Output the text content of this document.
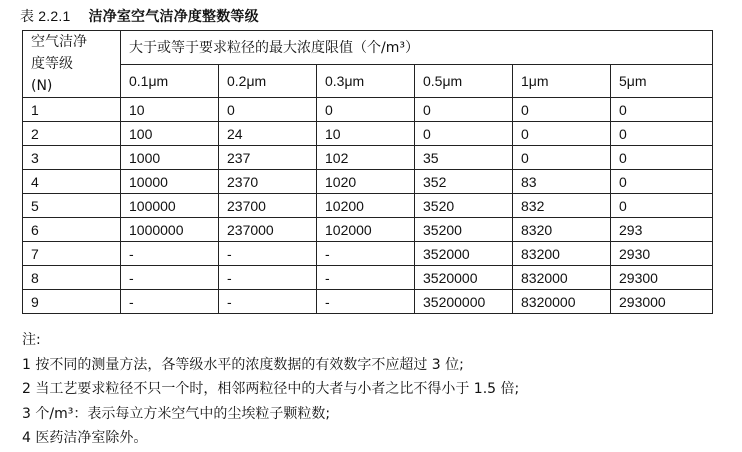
表 2.2.1 洁净室空气洁净度整数等级
空气洁净
度等级
(N)	大于或等于要求粒径的最大浓度限值（个/m³）					
	0.1μm	0.2μm	0.3μm	0.5μm	1μm	5μm
1	10	0	0	0	0	0
2	100	24	10	0	0	0
3	1000	237	102	35	0	0
4	10000	2370	1020	352	83	0
5	100000	23700	10200	3520	832	0
6	1000000	237000	102000	35200	8320	293
7	-	-	-	352000	83200	2930
8	-	-	-	3520000	832000	29300
9	-	-	-	35200000	8320000	293000

注:

1 按不同的测量方法，各等级水平的浓度数据的有效数字不应超过 3 位;

2 当工艺要求粒径不只一个时，相邻两粒径中的大者与小者之比不得小于 1.5 倍;

3 个/m³：表示每立方米空气中的尘埃粒子颗粒数;

4 医药洁净室除外。
